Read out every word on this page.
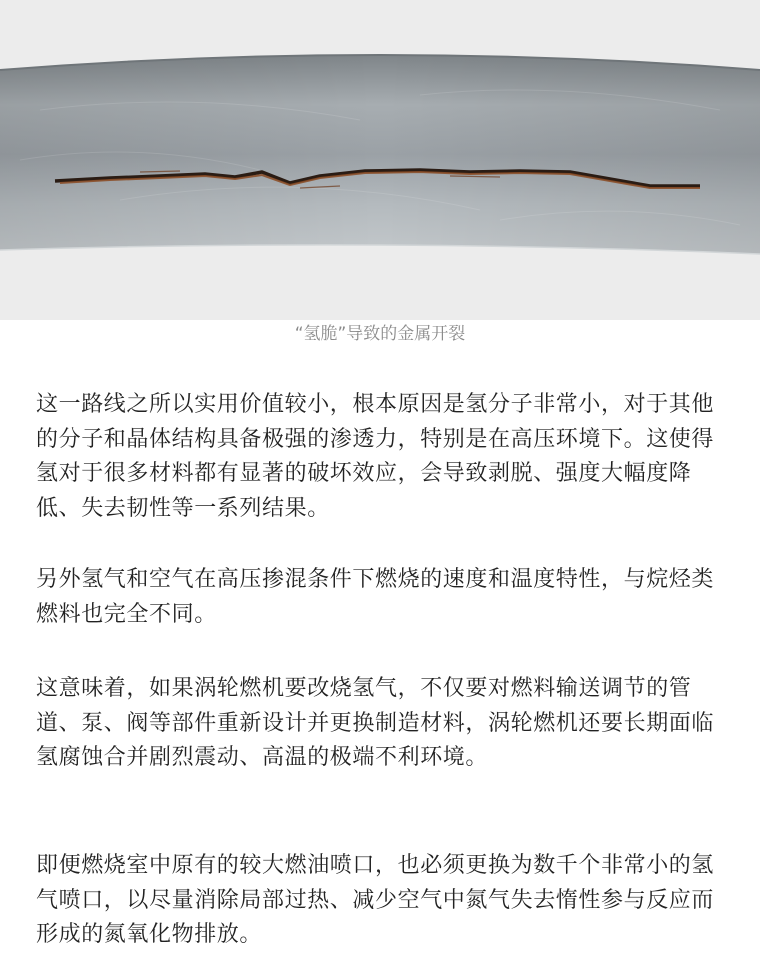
“氢脆”导致的金属开裂

这一路线之所以实用价值较小，根本原因是氢分子非常小，对于其他的分子和晶体结构具备极强的渗透力，特别是在高压环境下。这使得氢对于很多材料都有显著的破坏效应，会导致剥脱、强度大幅度降低、失去韧性等一系列结果。

另外氢气和空气在高压掺混条件下燃烧的速度和温度特性，与烷烃类燃料也完全不同。

这意味着，如果涡轮燃机要改烧氢气，不仅要对燃料输送调节的管道、泵、阀等部件重新设计并更换制造材料，涡轮燃机还要长期面临氢腐蚀合并剧烈震动、高温的极端不利环境。

即便燃烧室中原有的较大燃油喷口，也必须更换为数千个非常小的氢气喷口，以尽量消除局部过热、减少空气中氮气失去惰性参与反应而形成的氮氧化物排放。
